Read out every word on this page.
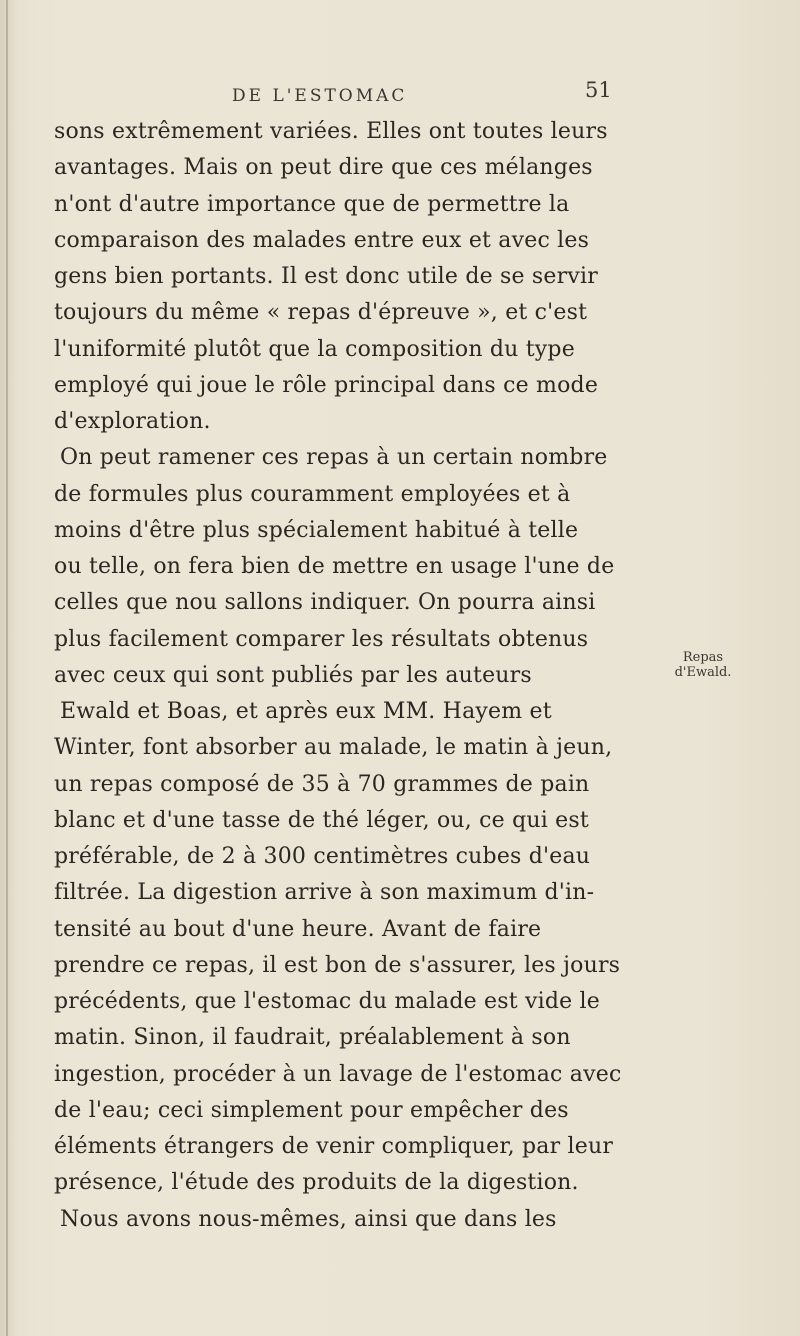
DE L'ESTOMAC	51
sons extrêmement variées. Elles ont toutes leurs
avantages. Mais on peut dire que ces mélanges
n'ont d'autre importance que de permettre la
comparaison des malades entre eux et avec les
gens bien portants. Il est donc utile de se servir
toujours du même « repas d'épreuve », et c'est
l'uniformité plutôt que la composition du type
employé qui joue le rôle principal dans ce mode
d'exploration.
On peut ramener ces repas à un certain nombre
de formules plus couramment employées et à
moins d'être plus spécialement habitué à telle
ou telle, on fera bien de mettre en usage l'une de
celles que nou sallons indiquer. On pourra ainsi
plus facilement comparer les résultats obtenus
avec ceux qui sont publiés par les auteurs
Ewald et Boas, et après eux MM. Hayem et
Winter, font absorber au malade, le matin à jeun,
un repas composé de 35 à 70 grammes de pain
blanc et d'une tasse de thé léger, ou, ce qui est
préférable, de 2 à 300 centimètres cubes d'eau
filtrée. La digestion arrive à son maximum d'in-
tensité au bout d'une heure. Avant de faire
prendre ce repas, il est bon de s'assurer, les jours
précédents, que l'estomac du malade est vide le
matin. Sinon, il faudrait, préalablement à son
ingestion, procéder à un lavage de l'estomac avec
de l'eau; ceci simplement pour empêcher des
éléments étrangers de venir compliquer, par leur
présence, l'étude des produits de la digestion.
Nous avons nous-mêmes, ainsi que dans les
Repas
d'Ewald.
